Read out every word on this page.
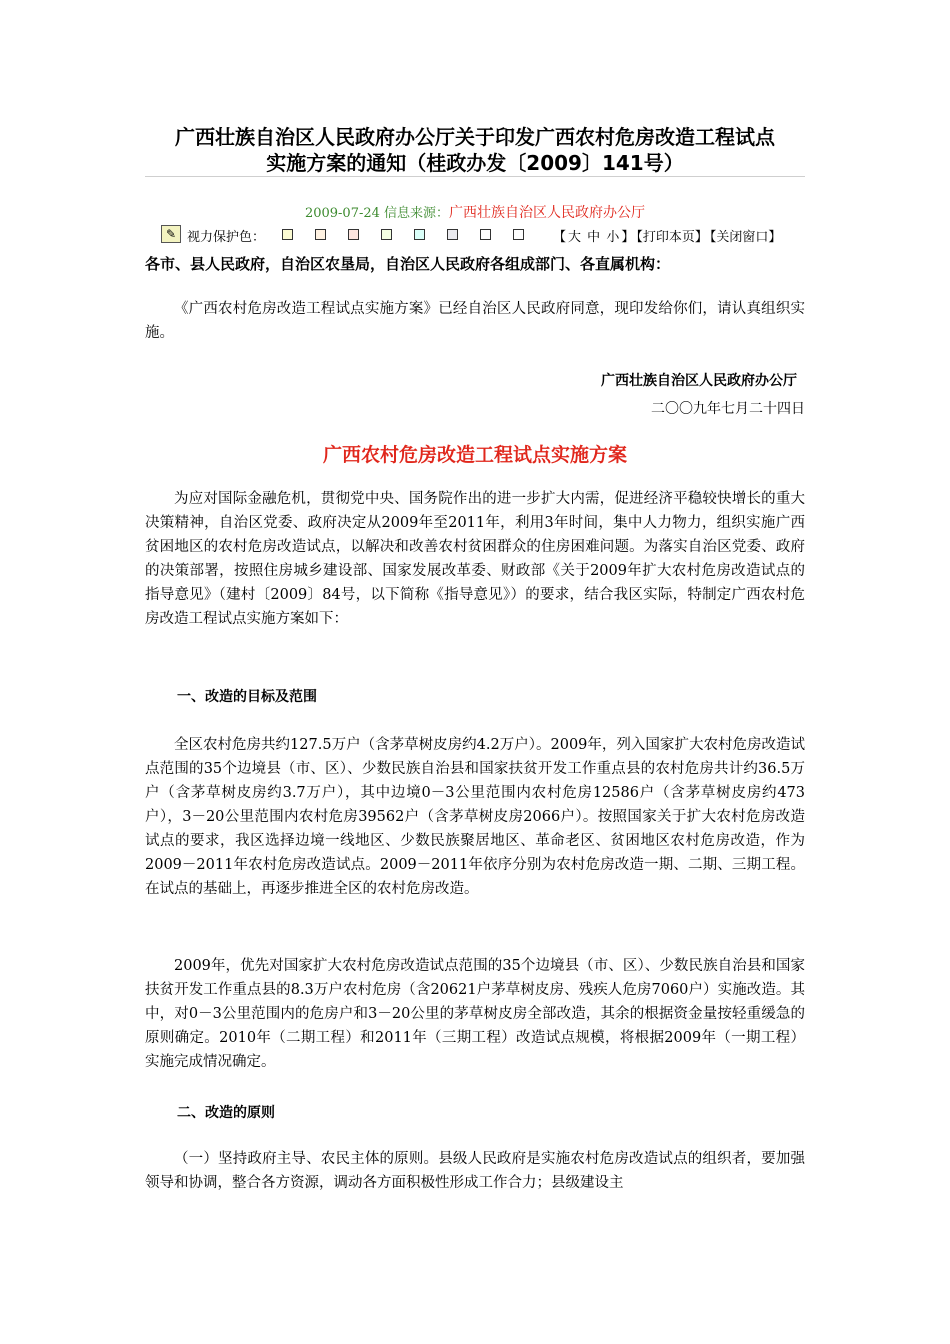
广西壮族自治区人民政府办公厅关于印发广西农村危房改造工程试点
实施方案的通知（桂政办发〔2009〕141号）
2009-07-24 信息来源：广西壮族自治区人民政府办公厅
✎ 视力保护色：	【 大 中 小 】 【打印本页】 【关闭窗口】
各市、县人民政府，自治区农垦局，自治区人民政府各组成部门、各直属机构：
《广西农村危房改造工程试点实施方案》已经自治区人民政府同意，现印发给你们，请认真组织实施。
广西壮族自治区人民政府办公厅
二〇〇九年七月二十四日
广西农村危房改造工程试点实施方案
为应对国际金融危机，贯彻党中央、国务院作出的进一步扩大内需，促进经济平稳较快增长的重大决策精神，自治区党委、政府决定从2009年至2011年，利用3年时间，集中人力物力，组织实施广西贫困地区的农村危房改造试点，以解决和改善农村贫困群众的住房困难问题。为落实自治区党委、政府的决策部署，按照住房城乡建设部、国家发展改革委、财政部《关于2009年扩大农村危房改造试点的指导意见》（建村〔2009〕84号，以下简称《指导意见》）的要求，结合我区实际，特制定广西农村危房改造工程试点实施方案如下：
一、改造的目标及范围
全区农村危房共约127.5万户（含茅草树皮房约4.2万户）。2009年，列入国家扩大农村危房改造试点范围的35个边境县（市、区）、少数民族自治县和国家扶贫开发工作重点县的农村危房共计约36.5万户（含茅草树皮房约3.7万户），其中边境0－3公里范围内农村危房12586户（含茅草树皮房约473户），3－20公里范围内农村危房39562户（含茅草树皮房2066户）。按照国家关于扩大农村危房改造试点的要求，我区选择边境一线地区、少数民族聚居地区、革命老区、贫困地区农村危房改造，作为2009－2011年农村危房改造试点。2009－2011年依序分别为农村危房改造一期、二期、三期工程。在试点的基础上，再逐步推进全区的农村危房改造。
2009年，优先对国家扩大农村危房改造试点范围的35个边境县（市、区）、少数民族自治县和国家扶贫开发工作重点县的8.3万户农村危房（含20621户茅草树皮房、残疾人危房7060户）实施改造。其中，对0－3公里范围内的危房户和3－20公里的茅草树皮房全部改造，其余的根据资金量按轻重缓急的原则确定。2010年（二期工程）和2011年（三期工程）改造试点规模，将根据2009年（一期工程）实施完成情况确定。
二、改造的原则
（一）坚持政府主导、农民主体的原则。县级人民政府是实施农村危房改造试点的组织者，要加强领导和协调，整合各方资源，调动各方面积极性形成工作合力；县级建设主
